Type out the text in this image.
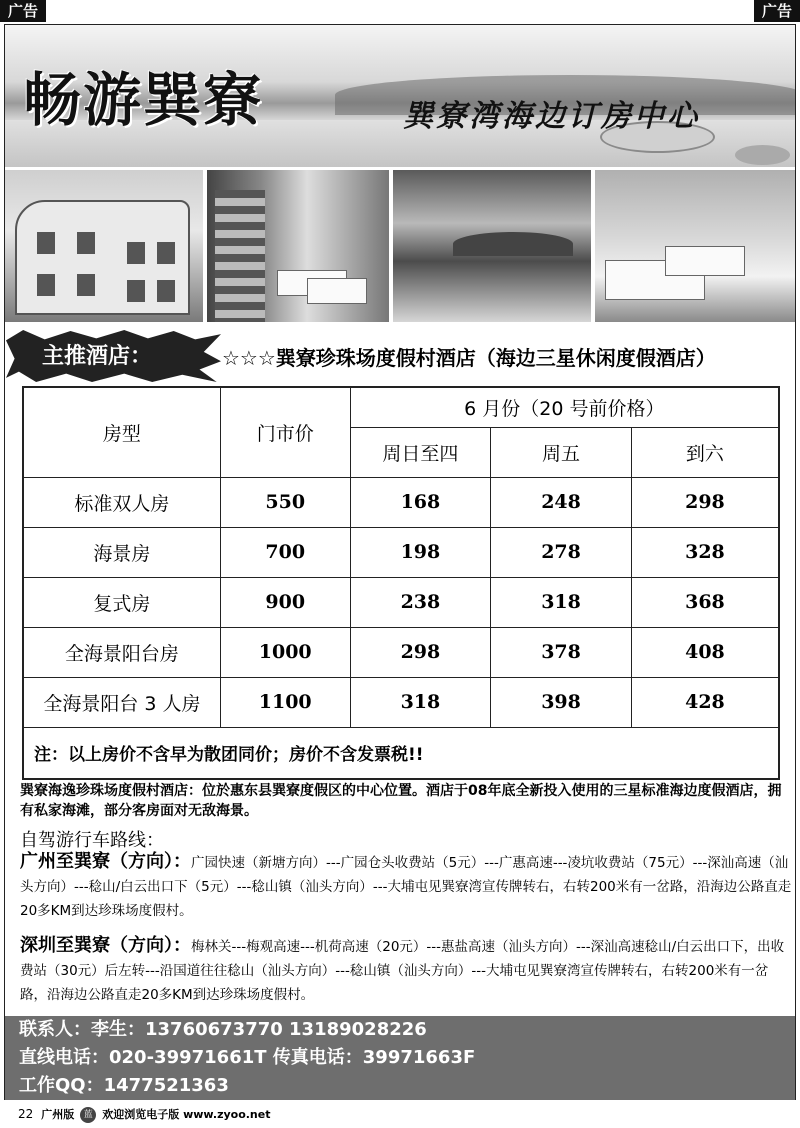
广告	广告
畅游巽寮	巽寮湾海边订房中心
主推酒店：	☆☆☆巽寮珍珠场度假村酒店（海边三星休闲度假酒店）
房型	门市价	6 月份（20 号前价格）		
		周日至四	周五	到六
标准双人房	550	168	248	298
海景房	700	198	278	328
复式房	900	238	318	368
全海景阳台房	1000	298	378	408
全海景阳台 3 人房	1100	318	398	428
注：以上房价不含早为散团同价；房价不含发票税!!				
巽寮海逸珍珠场度假村酒店：位於惠东县巽寮度假区的中心位置。酒店于08年底全新投入使用的三星标准海边度假酒店，拥有私家海滩，部分客房面对无敌海景。
自驾游行车路线：
广州至巽寮（方向）：广园快速（新塘方向）---广园仓头收费站（5元）---广惠高速---凌坑收费站（75元）---深汕高速（汕头方向）---稔山/白云出口下（5元）---稔山镇（汕头方向）---大埔屯见巽寮湾宣传牌转右，右转200米有一岔路，沿海边公路直走20多KM到达珍珠场度假村。
深圳至巽寮（方向）：梅林关---梅观高速---机荷高速（20元）---惠盐高速（汕头方向）---深汕高速稔山/白云出口下，出收费站（30元）后左转---沿国道往往稔山（汕头方向）---稔山镇（汕头方向）---大埔屯见巽寮湾宣传牌转右，右转200米有一岔路，沿海边公路直走20多KM到达珍珠场度假村。
联系人：李生：13760673770 13189028226
直线电话：020-39971661T 传真电话：39971663F
工作QQ：1477521363
22 广州版 蓝 欢迎浏览电子版 www.zyoo.net
